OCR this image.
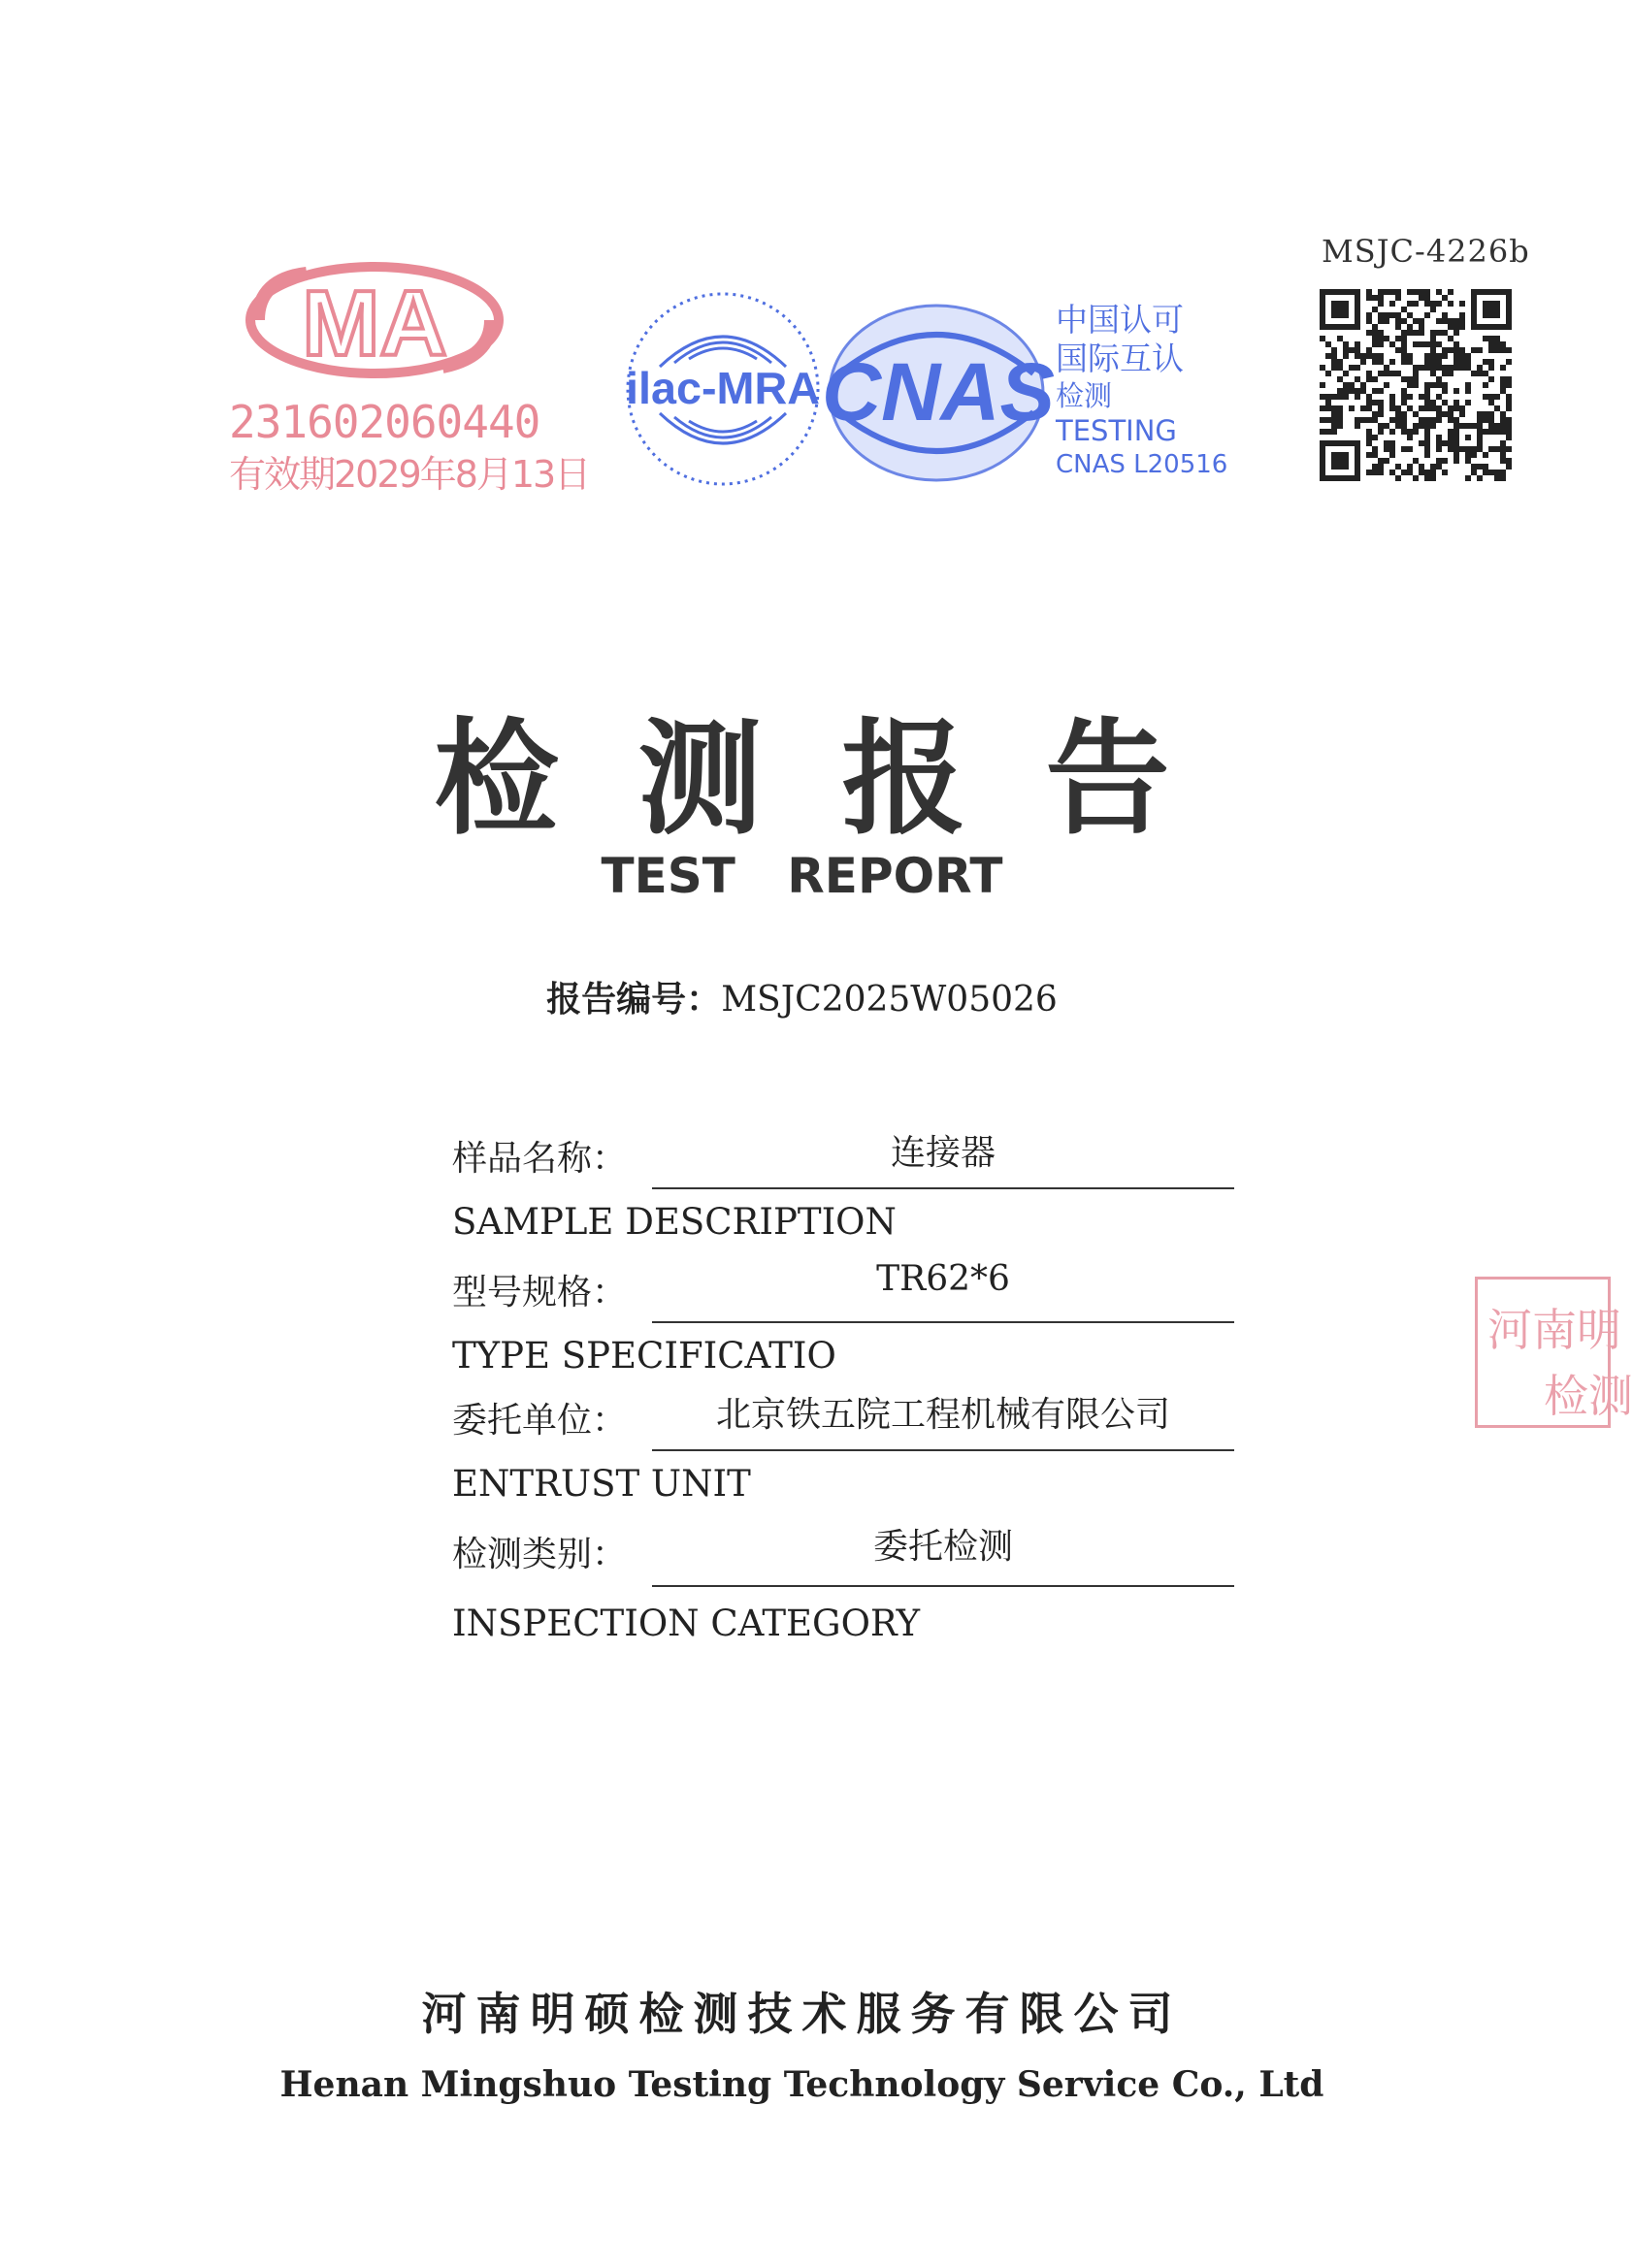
MA
231602060440
有效期2029年8月13日
ilac-MRA CNAS
中国认可
国际互认
检测
TESTING
CNAS L20516
MSJC-4226b
检测报告
TEST REPORT
报告编号：MSJC2025W05026
样品名称：	连接器
SAMPLE DESCRIPTION
型号规格：	TR62*6
TYPE SPECIFICATIO
委托单位：	北京铁五院工程机械有限公司
ENTRUST UNIT
检测类别：	委托检测
INSPECTION CATEGORY
河南明
检测
河南明硕检测技术服务有限公司
Henan Mingshuo Testing Technology Service Co., Ltd
